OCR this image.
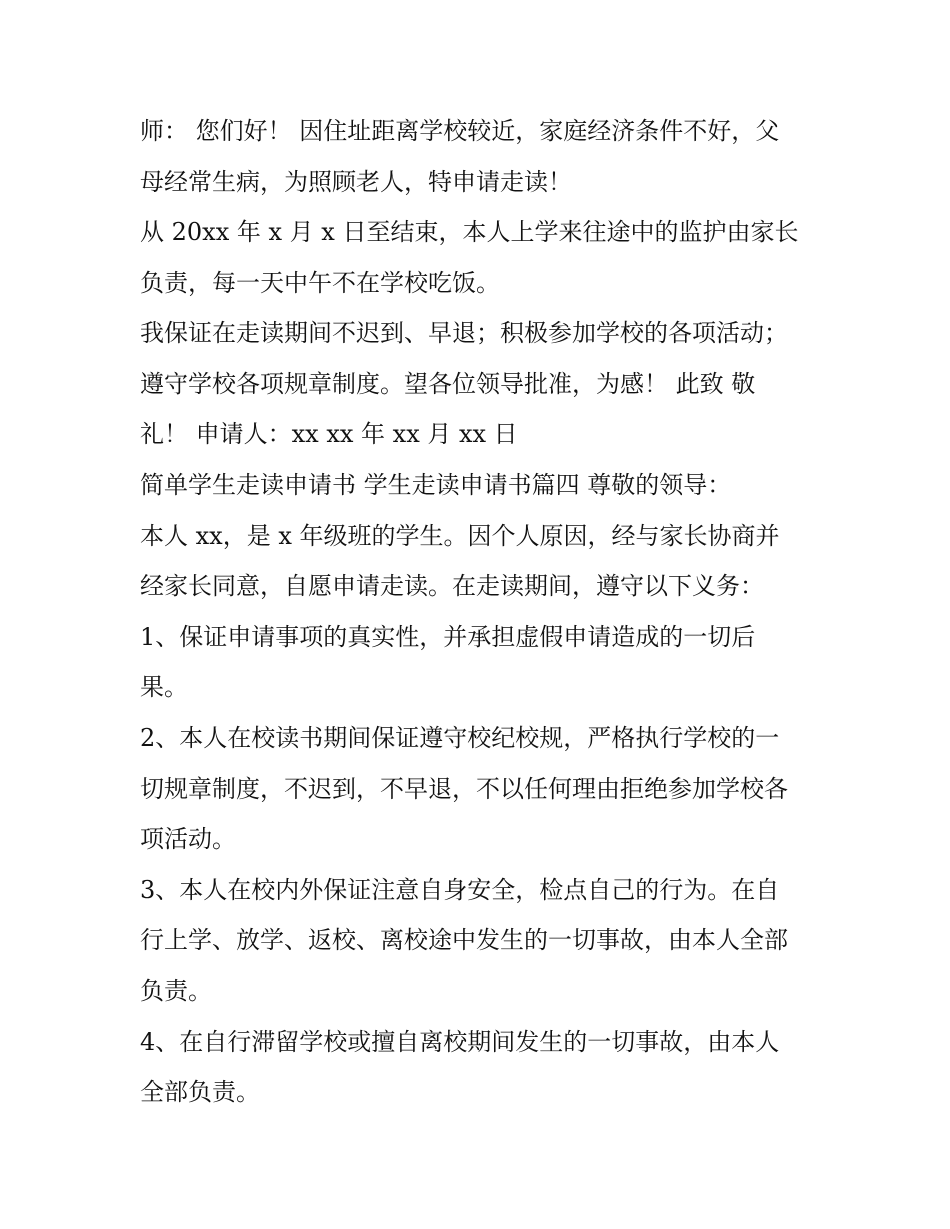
师： 您们好！ 因住址距离学校较近，家庭经济条件不好，父
母经常生病，为照顾老人，特申请走读！
从 20xx 年 x 月 x 日至结束，本人上学来往途中的监护由家长
负责，每一天中午不在学校吃饭。
我保证在走读期间不迟到、早退；积极参加学校的各项活动；
遵守学校各项规章制度。望各位领导批准，为感！ 此致 敬
礼！ 申请人：xx xx 年 xx 月 xx 日
简单学生走读申请书 学生走读申请书篇四 尊敬的领导：
本人 xx，是 x 年级班的学生。因个人原因，经与家长协商并
经家长同意，自愿申请走读。在走读期间，遵守以下义务：
1、保证申请事项的真实性，并承担虚假申请造成的一切后
果。
2、本人在校读书期间保证遵守校纪校规，严格执行学校的一
切规章制度，不迟到，不早退，不以任何理由拒绝参加学校各
项活动。
3、本人在校内外保证注意自身安全，检点自己的行为。在自
行上学、放学、返校、离校途中发生的一切事故，由本人全部
负责。
4、在自行滞留学校或擅自离校期间发生的一切事故，由本人
全部负责。
